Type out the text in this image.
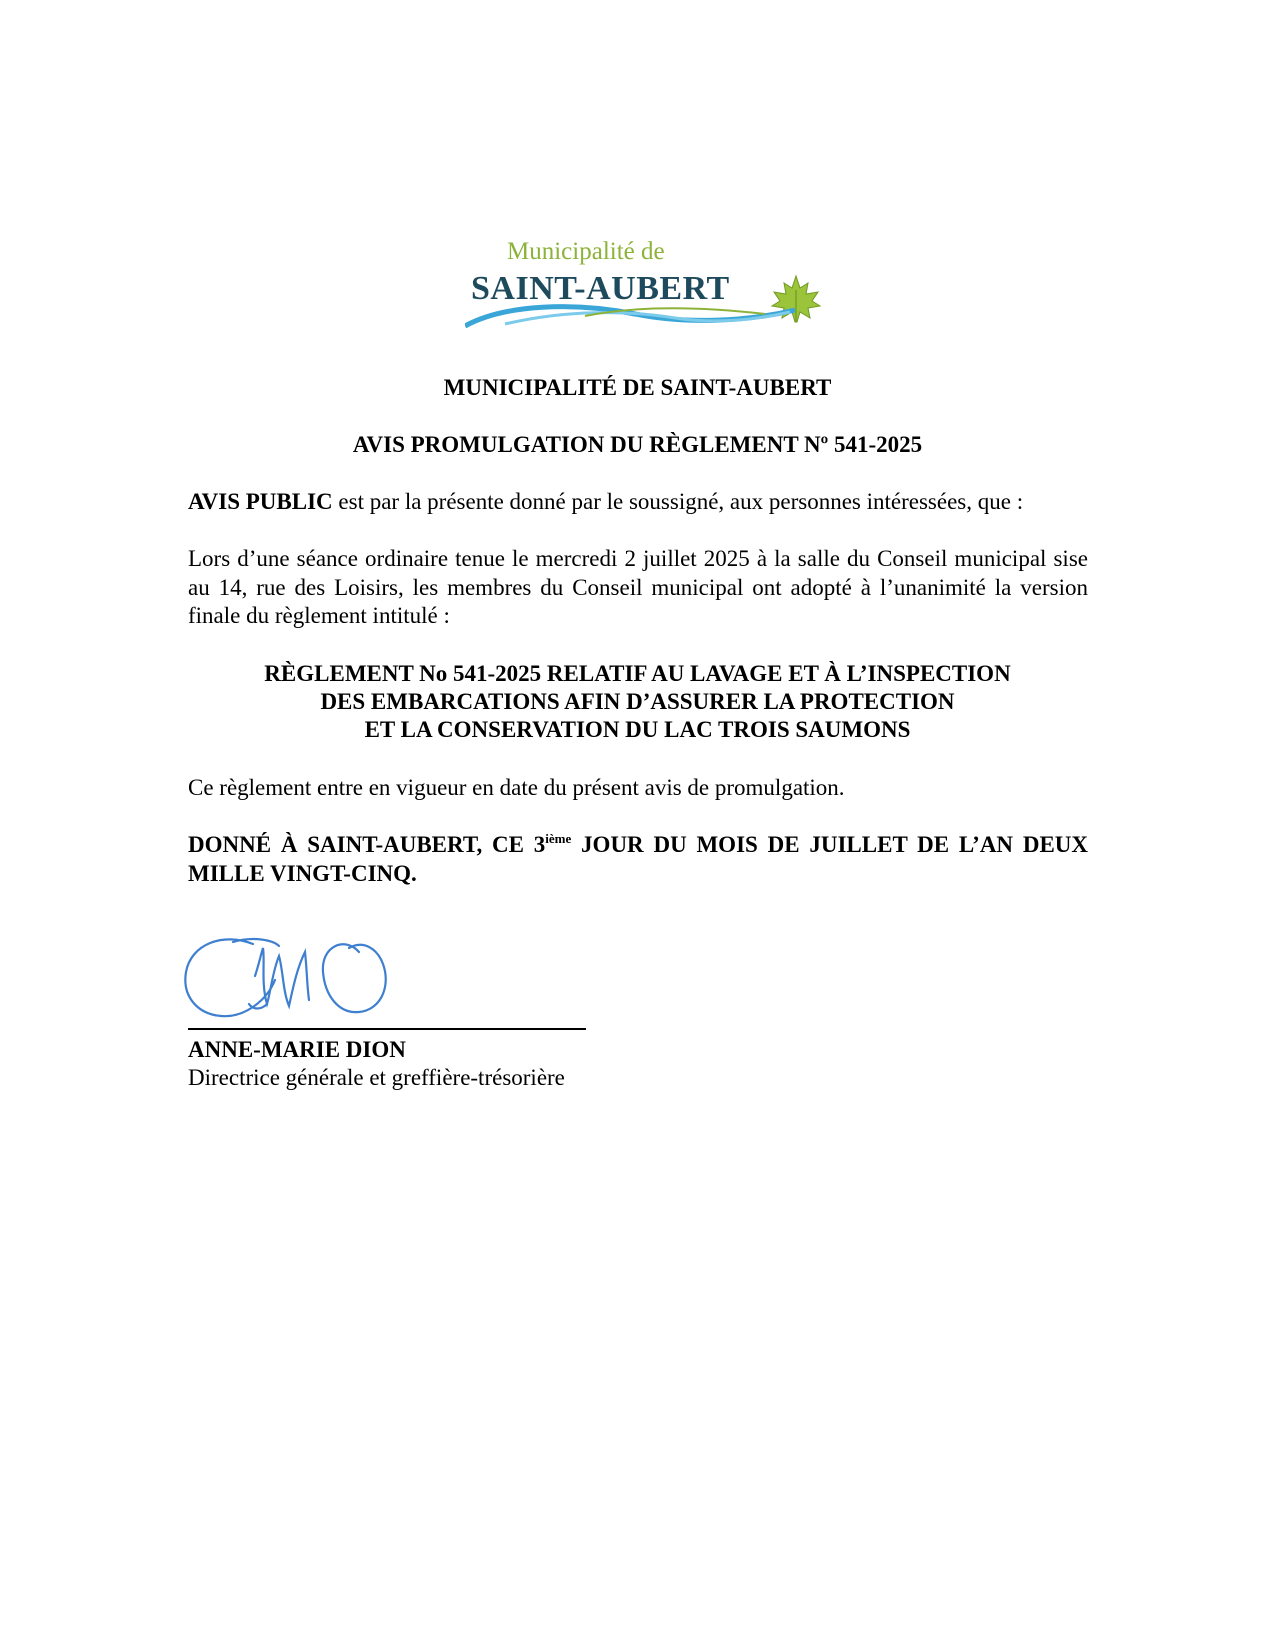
Municipalité de
SAINT-AUBERT
MUNICIPALITÉ DE SAINT-AUBERT
AVIS PROMULGATION DU RÈGLEMENT Nº 541-2025
AVIS PUBLIC est par la présente donné par le soussigné, aux personnes intéressées, que :
Lors d’une séance ordinaire tenue le mercredi 2 juillet 2025 à la salle du Conseil municipal sise au 14, rue des Loisirs, les membres du Conseil municipal ont adopté à l’unanimité la version finale du règlement intitulé :
RÈGLEMENT No 541-2025 RELATIF AU LAVAGE ET À L’INSPECTION
DES EMBARCATIONS AFIN D’ASSURER LA PROTECTION
ET LA CONSERVATION DU LAC TROIS SAUMONS
Ce règlement entre en vigueur en date du présent avis de promulgation.
DONNÉ À SAINT-AUBERT, CE 3ième JOUR DU MOIS DE JUILLET DE L’AN DEUX MILLE VINGT-CINQ.
ANNE-MARIE DION
Directrice générale et greffière-trésorière
